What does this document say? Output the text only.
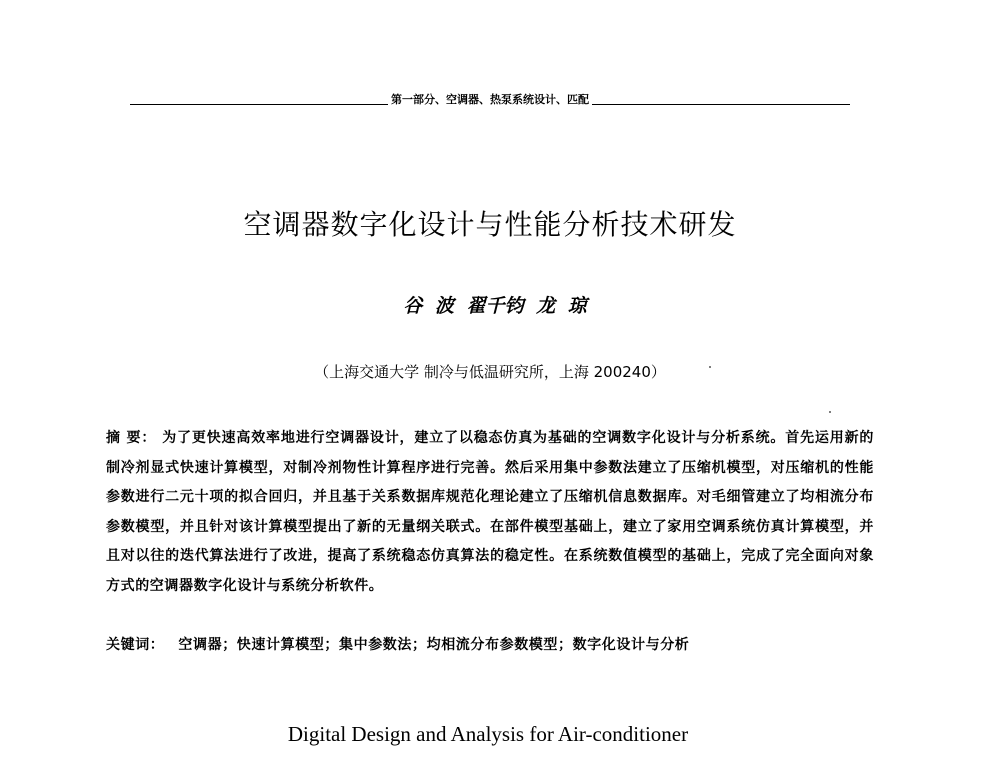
第一部分、空调器、热泵系统设计、匹配
空调器数字化设计与性能分析技术研发
谷 波 翟千钧 龙 琼
（上海交通大学 制冷与低温研究所，上海 200240）
摘 要： 为了更快速高效率地进行空调器设计，建立了以稳态仿真为基础的空调数字化设计与分析系统。首先运用新的制冷剂显式快速计算模型，对制冷剂物性计算程序进行完善。然后采用集中参数法建立了压缩机模型，对压缩机的性能参数进行二元十项的拟合回归，并且基于关系数据库规范化理论建立了压缩机信息数据库。对毛细管建立了均相流分布参数模型，并且针对该计算模型提出了新的无量纲关联式。在部件模型基础上，建立了家用空调系统仿真计算模型，并且对以往的迭代算法进行了改进，提高了系统稳态仿真算法的稳定性。在系统数值模型的基础上，完成了完全面向对象方式的空调器数字化设计与系统分析软件。
关键词： 空调器；快速计算模型；集中参数法；均相流分布参数模型；数字化设计与分析
Digital Design and Analysis for Air-conditioner
